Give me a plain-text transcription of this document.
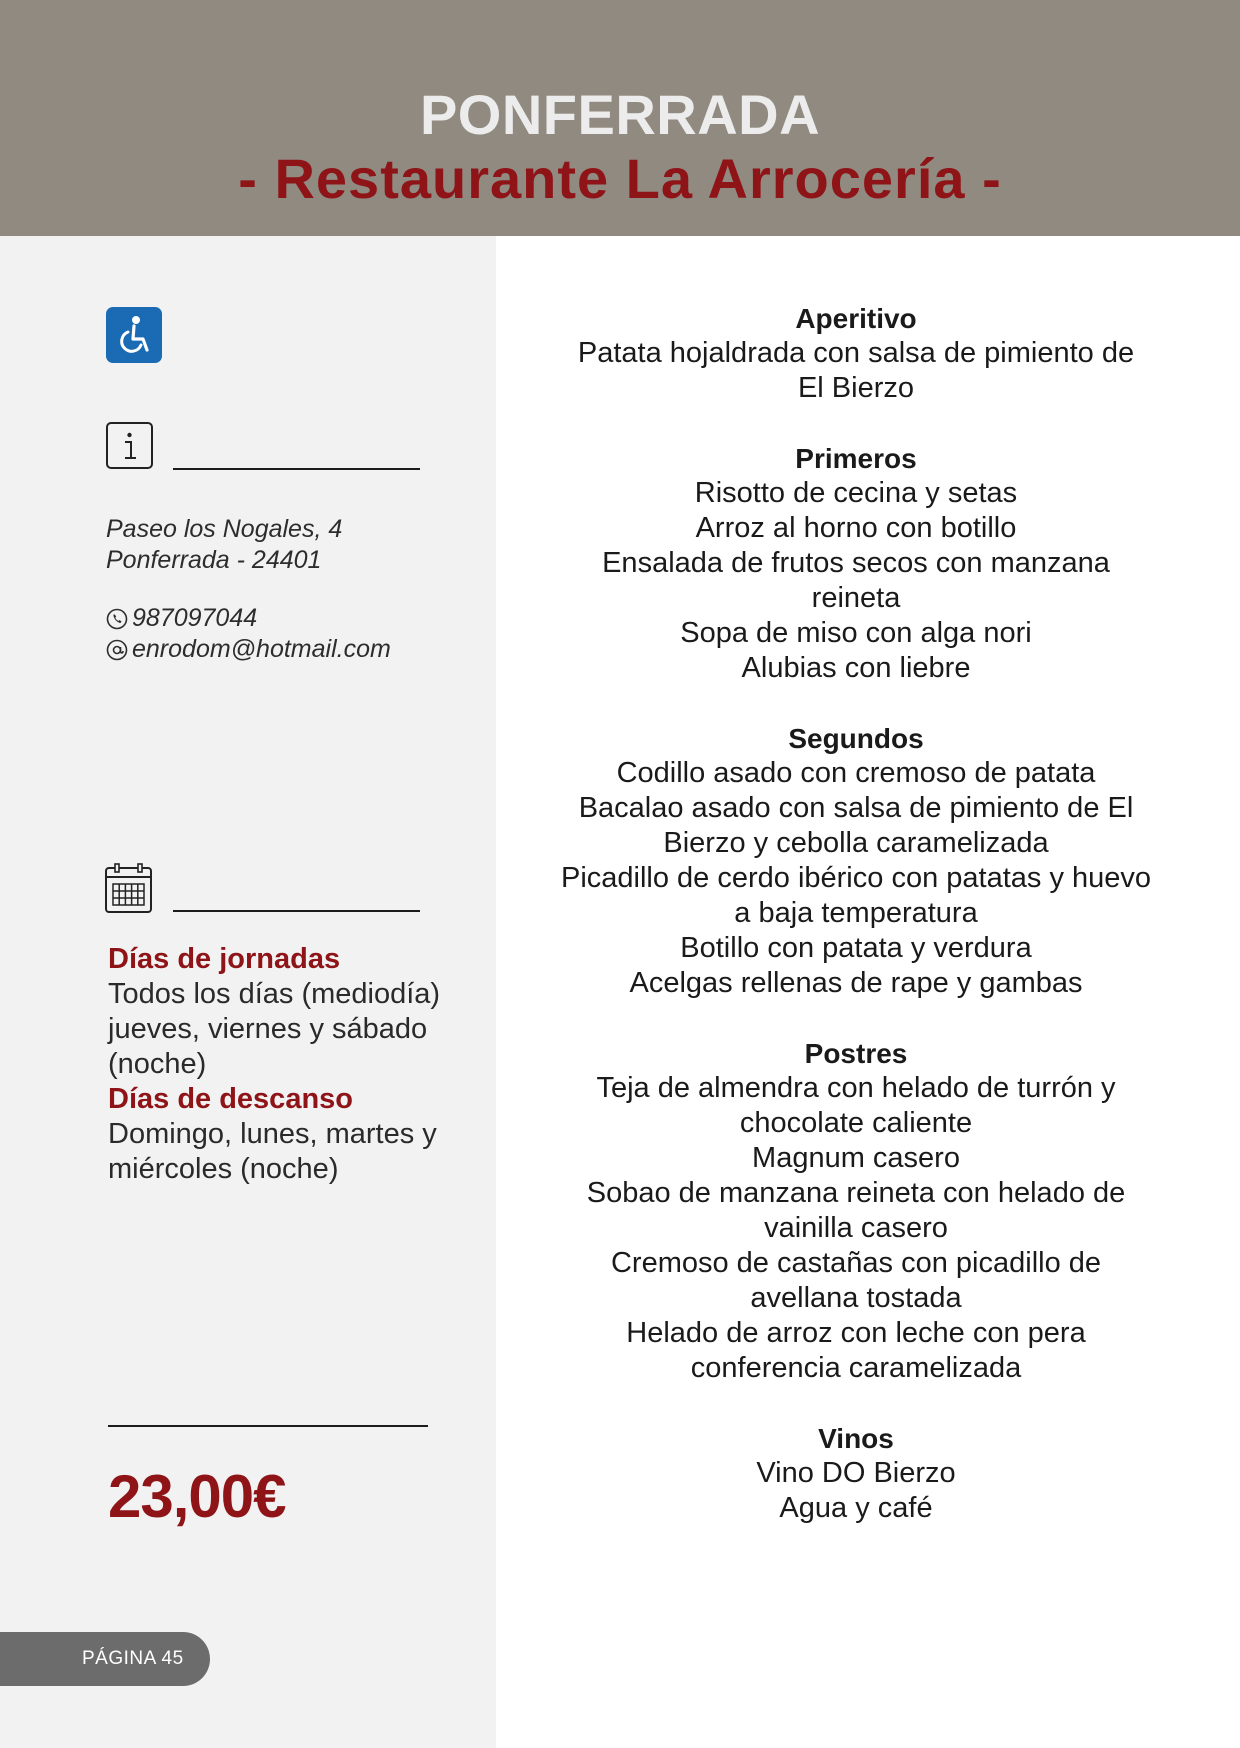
PONFERRADA
- Restaurante La Arrocería -
Paseo los Nogales, 4
Ponferrada - 24401
987097044
enrodom@hotmail.com
Días de jornadas
Todos los días (mediodía) jueves, viernes y sábado (noche)
Días de descanso
Domingo, lunes, martes y miércoles (noche)
23,00€
PÁGINA 45
Aperitivo
Patata hojaldrada con salsa de pimiento de
El Bierzo
Primeros
Risotto de cecina y setas
Arroz al horno con botillo
Ensalada de frutos secos con manzana
reineta
Sopa de miso con alga nori
Alubias con liebre
Segundos
Codillo asado con cremoso de patata
Bacalao asado con salsa de pimiento de El
Bierzo y cebolla caramelizada
Picadillo de cerdo ibérico con patatas y huevo
a baja temperatura
Botillo con patata y verdura
Acelgas rellenas de rape y gambas
Postres
Teja de almendra con helado de turrón y
chocolate caliente
Magnum casero
Sobao de manzana reineta con helado de
vainilla casero
Cremoso de castañas con picadillo de
avellana tostada
Helado de arroz con leche con pera
conferencia caramelizada
Vinos
Vino DO Bierzo
Agua y café
